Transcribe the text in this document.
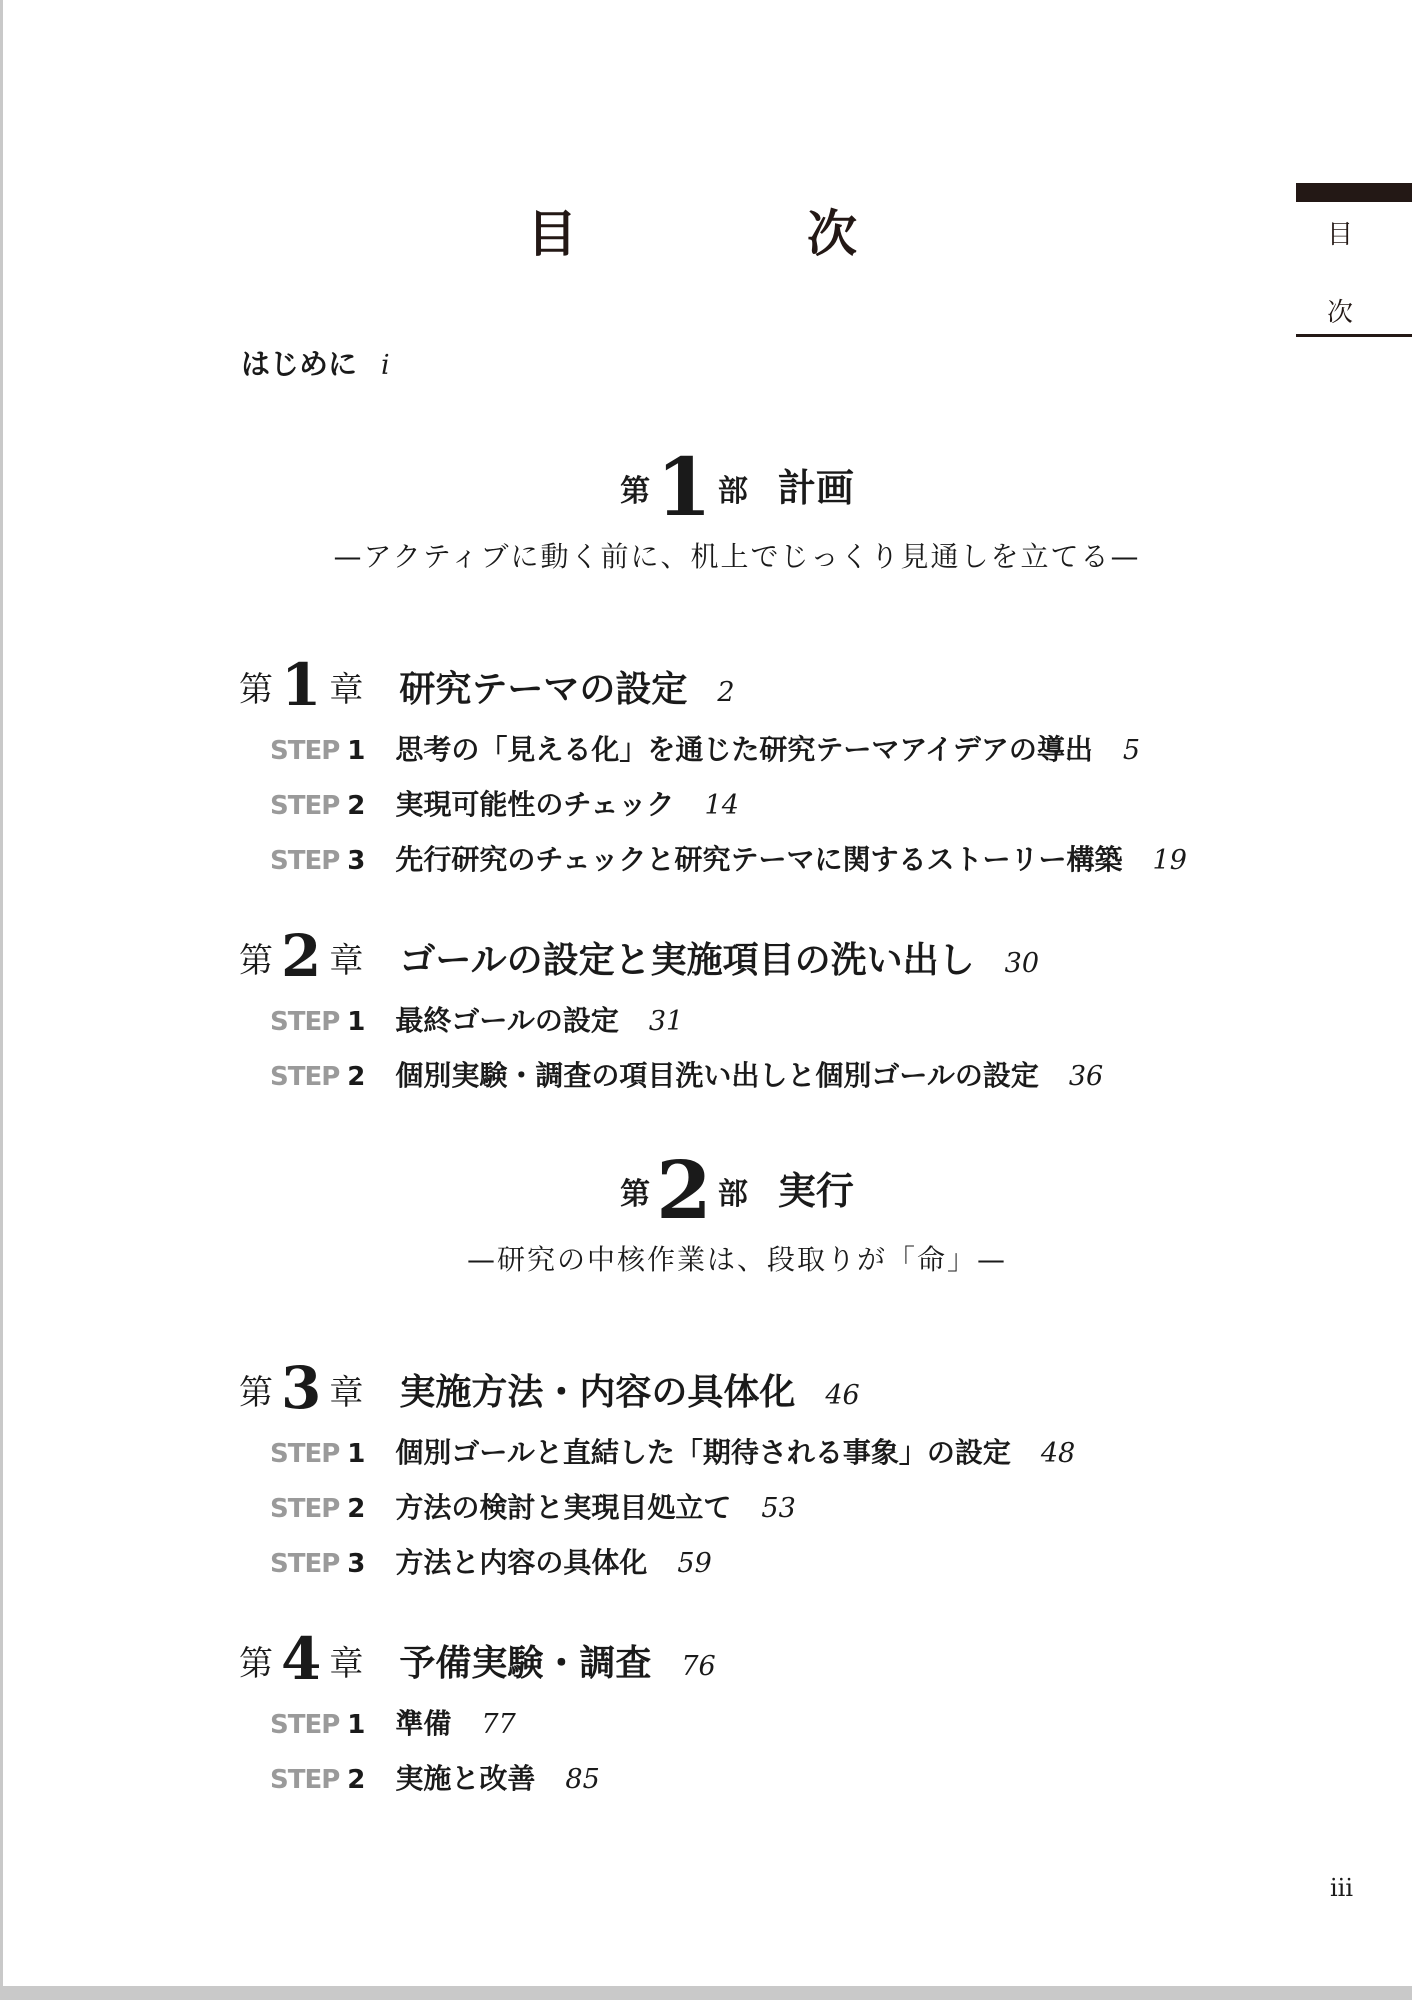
目
次
目　次
はじめに i
第1 部 計画
—アクティブに動く前に、机上でじっくり見通しを立てる—
第 1 章 研究テーマの設定 2
STEP 1 思考の「見える化」を通じた研究テーマアイデアの導出 5
STEP 2 実現可能性のチェック 14
STEP 3 先行研究のチェックと研究テーマに関するストーリー構築 19
第 2 章 ゴールの設定と実施項目の洗い出し 30
STEP 1 最終ゴールの設定 31
STEP 2 個別実験・調査の項目洗い出しと個別ゴールの設定 36
第2 部 実行
—研究の中核作業は、段取りが「命」—
第 3 章 実施方法・内容の具体化 46
STEP 1 個別ゴールと直結した「期待される事象」の設定 48
STEP 2 方法の検討と実現目処立て 53
STEP 3 方法と内容の具体化 59
第 4 章 予備実験・調査 76
STEP 1 準備 77
STEP 2 実施と改善 85
iii
